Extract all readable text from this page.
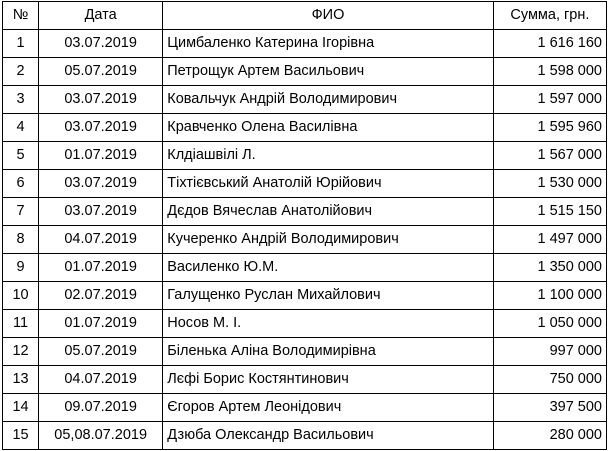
№	Дата	ФИО	Сумма, грн.
1	03.07.2019	Цимбаленко Катерина Ігорівна	1 616 160
2	05.07.2019	Петрощук Артем Васильович	1 598 000
3	03.07.2019	Ковальчук Андрій Володимирович	1 597 000
4	03.07.2019	Кравченко Олена Василівна	1 595 960
5	01.07.2019	Клдіашвілі Л.	1 567 000
6	03.07.2019	Тіхтієвський Анатолій Юрійович	1 530 000
7	03.07.2019	Дєдов Вячеслав Анатолійович	1 515 150
8	04.07.2019	Кучеренко Андрій Володимирович	1 497 000
9	01.07.2019	Василенко Ю.М.	1 350 000
10	02.07.2019	Галущенко Руслан Михайлович	1 100 000
11	01.07.2019	Носов М. І.	1 050 000
12	05.07.2019	Біленька Аліна Володимирівна	997 000
13	04.07.2019	Лєфі Борис Костянтинович	750 000
14	09.07.2019	Єгоров Артем Леонідович	397 500
15	05,08.07.2019	Дзюба Олександр Васильович	280 000
